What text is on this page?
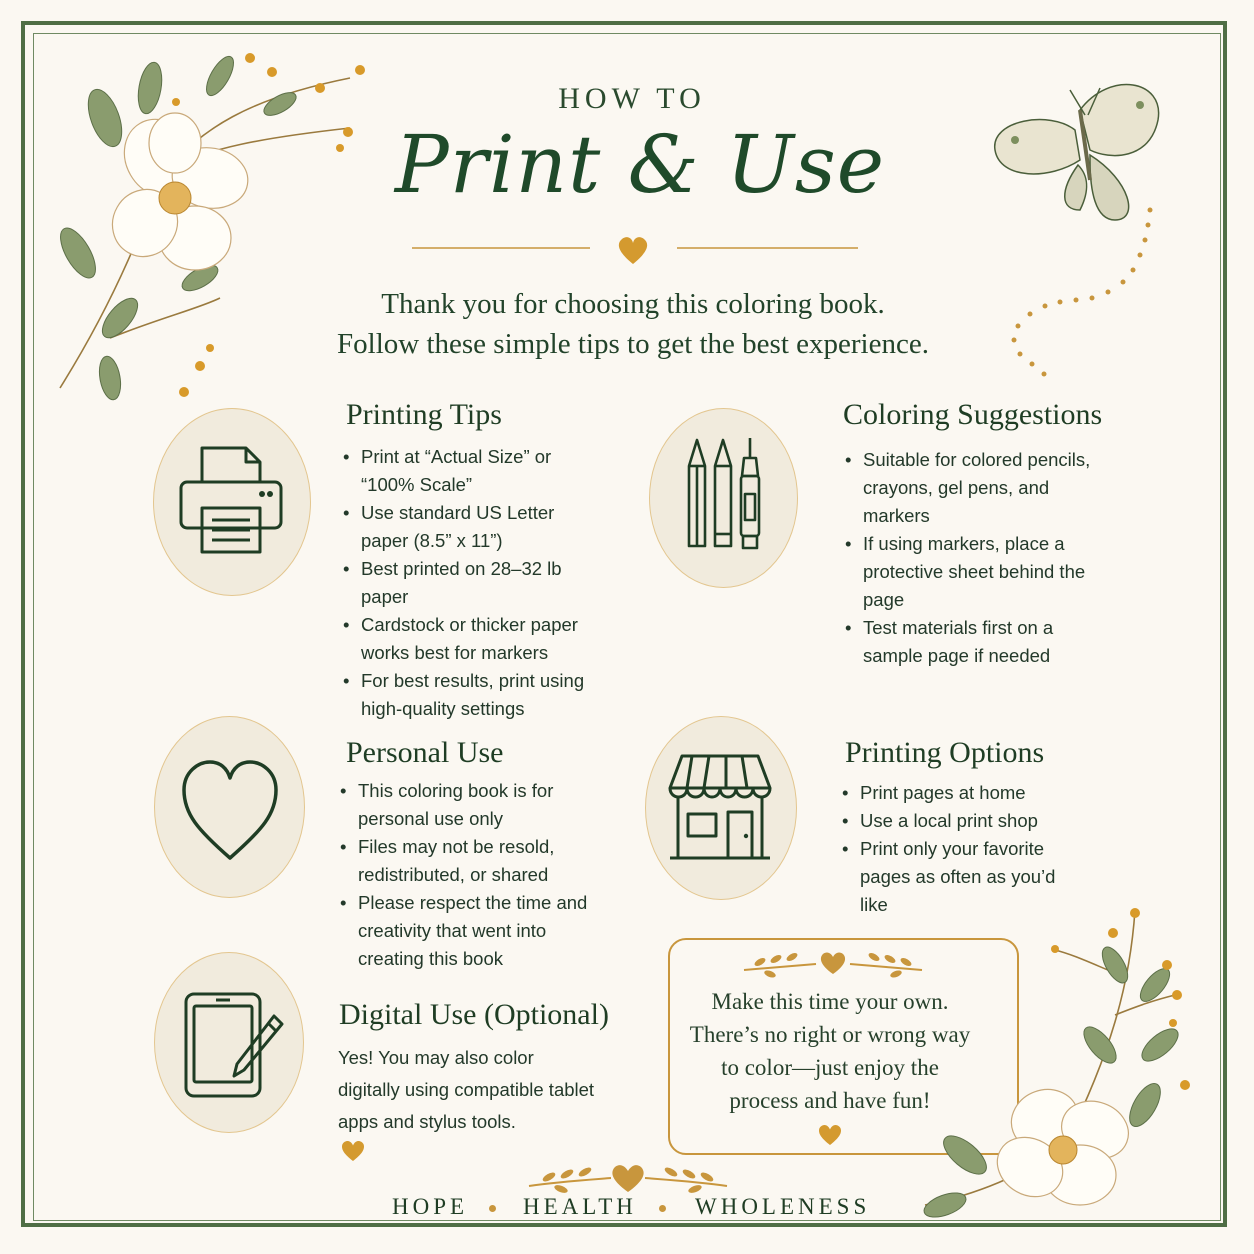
HOW TO
Print & Use
Thank you for choosing this coloring book.
Follow these simple tips to get the best experience.
Printing Tips
• Print at “Actual Size” or “100% Scale”
• Use standard US Letter paper (8.5” x 11”)
• Best printed on 28–32 lb paper
• Cardstock or thicker paper works best for markers
• For best results, print using high-quality settings
Coloring Suggestions
• Suitable for colored pencils, crayons, gel pens, and markers
• If using markers, place a protective sheet behind the page
• Test materials first on a sample page if needed
Personal Use
• This coloring book is for personal use only
• Files may not be resold, redistributed, or shared
• Please respect the time and creativity that went into creating this book
Printing Options
• Print pages at home
• Use a local print shop
• Print only your favorite pages as often as you’d like
Digital Use (Optional)
Yes! You may also color digitally using compatible tablet apps and stylus tools.
Make this time your own.
There’s no right or wrong way
to color—just enjoy the
process and have fun!
HOPE HEALTH	WHOLENESS
